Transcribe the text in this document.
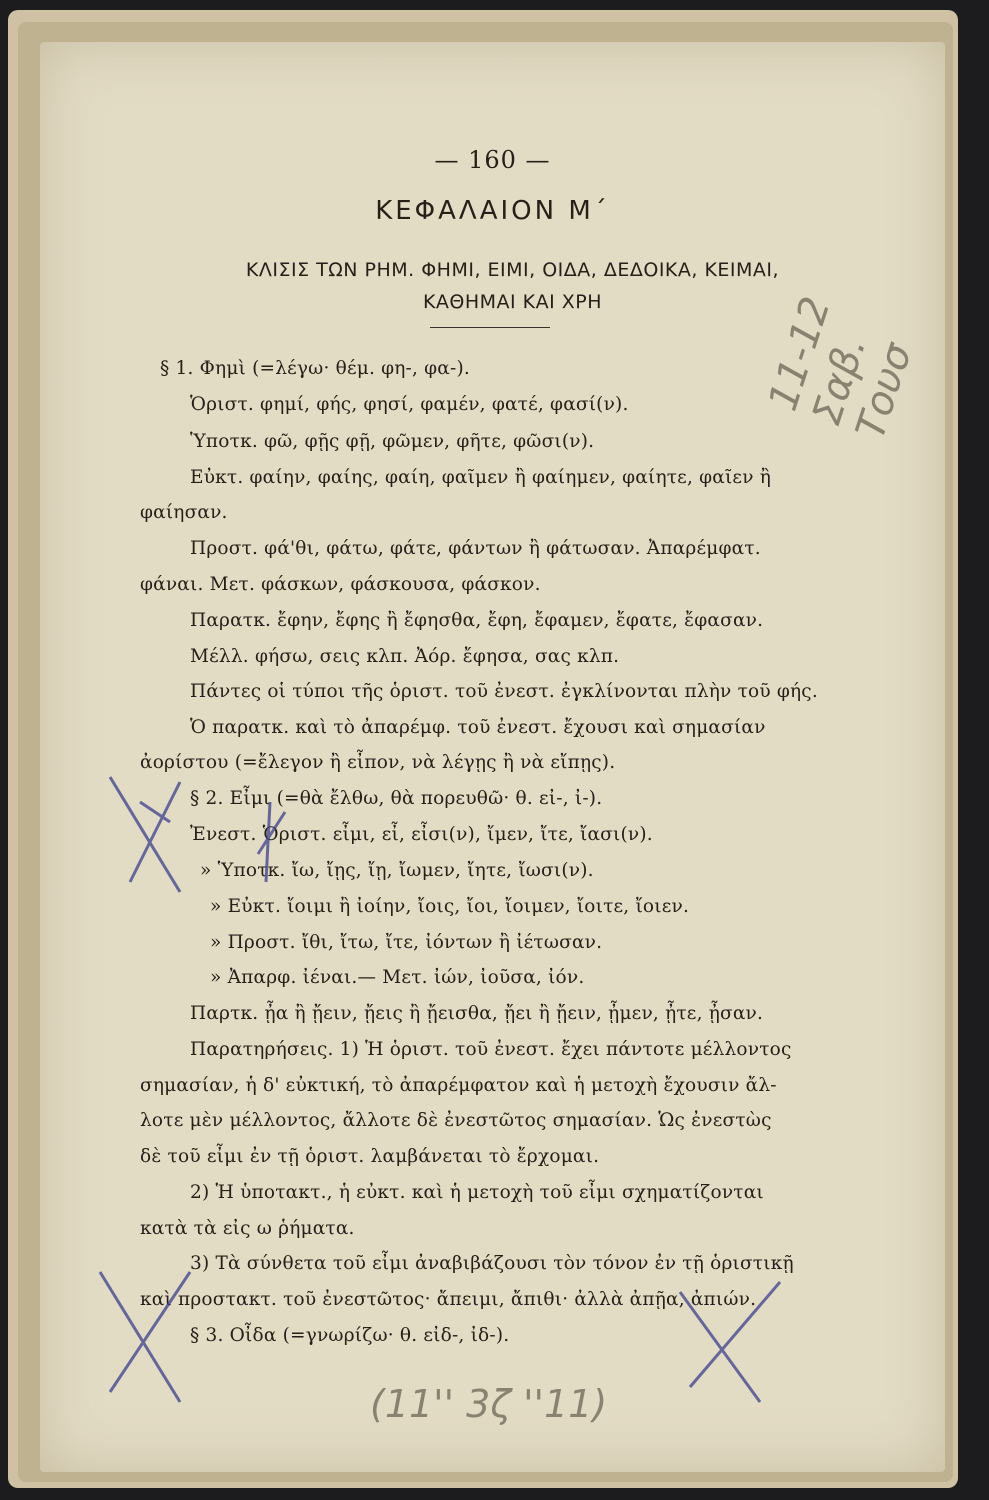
— 160 —
ΚΕΦΑΛΑΙΟΝ Μ΄
ΚΛΙΣΙΣ ΤΩΝ ΡΗΜ. ΦΗΜΙ, ΕΙΜΙ, ΟΙΔΑ, ΔΕΔΟΙΚΑ, ΚΕΙΜΑΙ,
ΚΑΘΗΜΑΙ ΚΑΙ ΧΡΗ
§ 1. Φημὶ (=λέγω· θέμ. φη-, φα-).
Ὁριστ. φημί, φής, φησί, φαμέν, φατέ, φασί(ν).
Ὑποτκ. φῶ, φῇς φῇ, φῶμεν, φῆτε, φῶσι(ν).
Εὐκτ. φαίην, φαίης, φαίη, φαῖμεν ἢ φαίημεν, φαίητε, φαῖεν ἢ
φαίησαν.
Προστ. φά'θι, φάτω, φάτε, φάντων ἢ φάτωσαν. Ἀπαρέμφατ.
φάναι. Μετ. φάσκων, φάσκουσα, φάσκον.
Παρατκ. ἔφην, ἔφης ἢ ἔφησθα, ἔφη, ἔφαμεν, ἔφατε, ἔφασαν.
Μέλλ. φήσω, σεις κλπ. Ἀόρ. ἔφησα, σας κλπ.
Πάντες οἱ τύποι τῆς ὁριστ. τοῦ ἐνεστ. ἐγκλίνονται πλὴν τοῦ φής.
Ὁ παρατκ. καὶ τὸ ἀπαρέμφ. τοῦ ἐνεστ. ἔχουσι καὶ σημασίαν
ἀορίστου (=ἔλεγον ἢ εἶπον, νὰ λέγῃς ἢ νὰ εἴπῃς).
§ 2. Εἶμι (=θὰ ἔλθω, θὰ πορευθῶ· θ. εἰ-, ἰ-).
Ἐνεστ. Ὁριστ. εἶμι, εἶ, εἶσι(ν), ἴμεν, ἴτε, ἴασι(ν).
» Ὑποτκ. ἴω, ἴῃς, ἴῃ, ἴωμεν, ἴητε, ἴωσι(ν).
» Εὐκτ. ἴοιμι ἢ ἰοίην, ἴοις, ἴοι, ἴοιμεν, ἴοιτε, ἴοιεν.
» Προστ. ἴθι, ἴτω, ἴτε, ἰόντων ἢ ἰέτωσαν.
» Ἀπαρφ. ἰέναι.— Μετ. ἰών, ἰοῦσα, ἰόν.
Παρτκ. ᾖα ἢ ᾔειν, ᾔεις ἢ ᾔεισθα, ᾔει ἢ ᾔειν, ᾖμεν, ᾖτε, ᾖσαν.
Παρατηρήσεις. 1) Ἡ ὁριστ. τοῦ ἐνεστ. ἔχει πάντοτε μέλλοντος
σημασίαν, ἡ δ' εὐκτική, τὸ ἀπαρέμφατον καὶ ἡ μετοχὴ ἔχουσιν ἄλ-
λοτε μὲν μέλλοντος, ἄλλοτε δὲ ἐνεστῶτος σημασίαν. Ὡς ἐνεστὼς
δὲ τοῦ εἶμι ἐν τῇ ὁριστ. λαμβάνεται τὸ ἔρχομαι.
2) Ἡ ὑποτακτ., ἡ εὐκτ. καὶ ἡ μετοχὴ τοῦ εἶμι σχηματίζονται
κατὰ τὰ εἰς ω ῥήματα.
3) Τὰ σύνθετα τοῦ εἶμι ἀναβιβάζουσι τὸν τόνον ἐν τῇ ὁριστικῇ
καὶ προστακτ. τοῦ ἐνεστῶτος· ἄπειμι, ἄπιθι· ἀλλὰ ἀπῇα, ἀπιών.
§ 3. Οἶδα (=γνωρίζω· θ. εἰδ-, ἰδ-).
11-12 Σαβ. Τουσ
(11'' 3ζ ''11)
